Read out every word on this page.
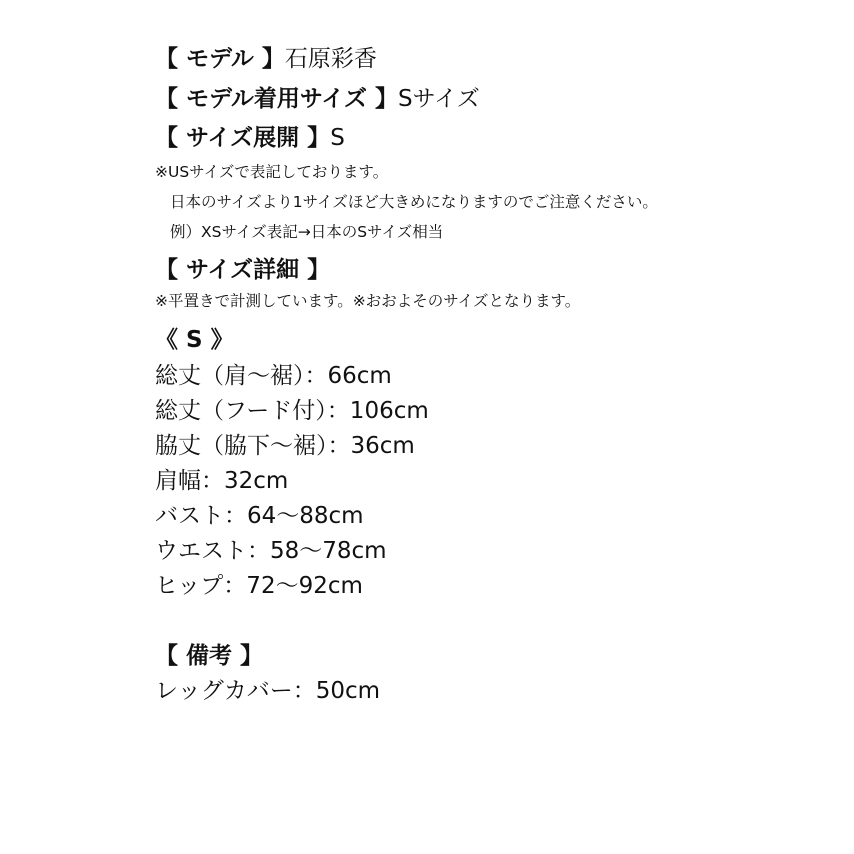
【 モデル 】石原彩香
【 モデル着用サイズ 】Sサイズ
【 サイズ展開 】S
※USサイズで表記しております。
日本のサイズより1サイズほど大きめになりますのでご注意ください。
例）XSサイズ表記→日本のSサイズ相当
【 サイズ詳細 】
※平置きで計測しています。※おおよそのサイズとなります。
《 S 》
総丈（肩〜裾）：66cm
総丈（フード付）：106cm
脇丈（脇下〜裾）：36cm
肩幅：32cm
バスト：64〜88cm
ウエスト：58〜78cm
ヒップ：72〜92cm
【 備考 】
レッグカバー：50cm
